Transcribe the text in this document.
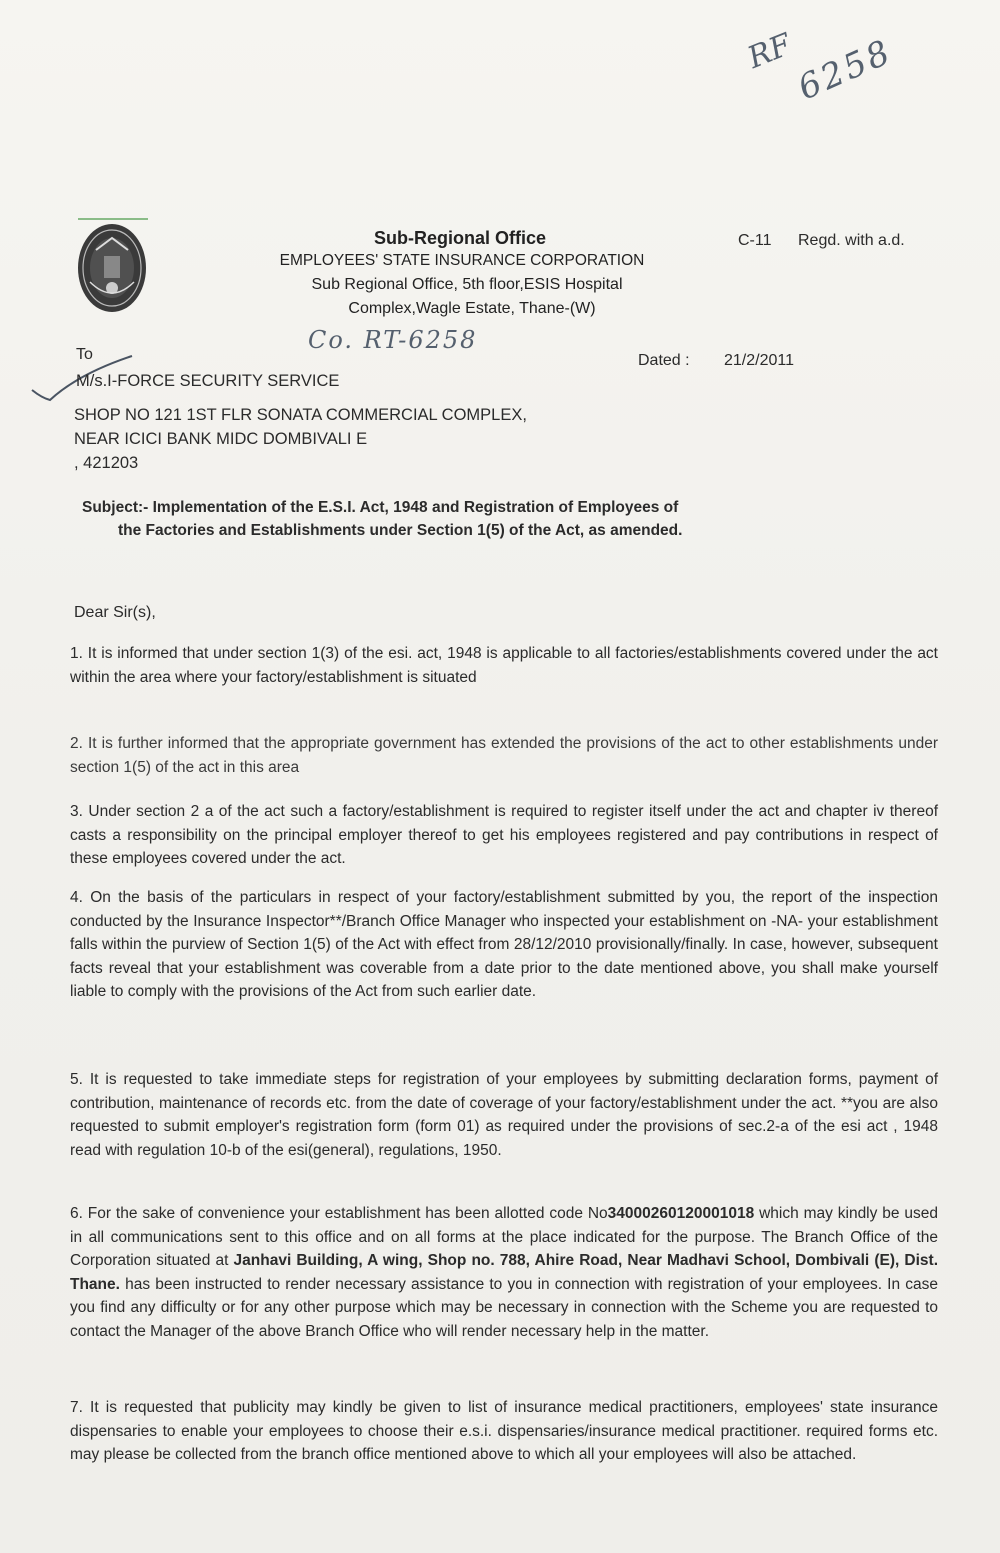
RF
6258
Co. RT-6258
Sub-Regional Office
EMPLOYEES' STATE INSURANCE CORPORATION
Sub Regional Office, 5th floor,ESIS Hospital
Complex,Wagle Estate, Thane-(W)
C-11 Regd. with a.d.
To	Dated : 21/2/2011
M/s.I-FORCE SECURITY SERVICE
SHOP NO 121 1ST FLR SONATA COMMERCIAL COMPLEX,
NEAR ICICI BANK MIDC DOMBIVALI E
, 421203
Subject:- Implementation of the E.S.I. Act, 1948 and Registration of Employees of
the Factories and Establishments under Section 1(5) of the Act, as amended.
Dear Sir(s),
1. It is informed that under section 1(3) of the esi. act, 1948 is applicable to all factories/establishments covered under the act within the area where your factory/establishment is situated
2. It is further informed that the appropriate government has extended the provisions of the act to other establishments under section 1(5) of the act in this area
3. Under section 2 a of the act such a factory/establishment is required to register itself under the act and chapter iv thereof casts a responsibility on the principal employer thereof to get his employees registered and pay contributions in respect of these employees covered under the act.
4. On the basis of the particulars in respect of your factory/establishment submitted by you, the report of the inspection conducted by the Insurance Inspector**/Branch Office Manager who inspected your establishment on -NA- your establishment falls within the purview of Section 1(5) of the Act with effect from 28/12/2010 provisionally/finally. In case, however, subsequent facts reveal that your establishment was coverable from a date prior to the date mentioned above, you shall make yourself liable to comply with the provisions of the Act from such earlier date.
5. It is requested to take immediate steps for registration of your employees by submitting declaration forms, payment of contribution, maintenance of records etc. from the date of coverage of your factory/establishment under the act. **you are also requested to submit employer's registration form (form 01) as required under the provisions of sec.2-a of the esi act , 1948 read with regulation 10-b of the esi(general), regulations, 1950.
6. For the sake of convenience your establishment has been allotted code No34000260120001018 which may kindly be used in all communications sent to this office and on all forms at the place indicated for the purpose. The Branch Office of the Corporation situated at Janhavi Building, A wing, Shop no. 788, Ahire Road, Near Madhavi School, Dombivali (E), Dist. Thane. has been instructed to render necessary assistance to you in connection with registration of your employees. In case you find any difficulty or for any other purpose which may be necessary in connection with the Scheme you are requested to contact the Manager of the above Branch Office who will render necessary help in the matter.
7. It is requested that publicity may kindly be given to list of insurance medical practitioners, employees' state insurance dispensaries to enable your employees to choose their e.s.i. dispensaries/insurance medical practitioner. required forms etc. may please be collected from the branch office mentioned above to which all your employees will also be attached.
